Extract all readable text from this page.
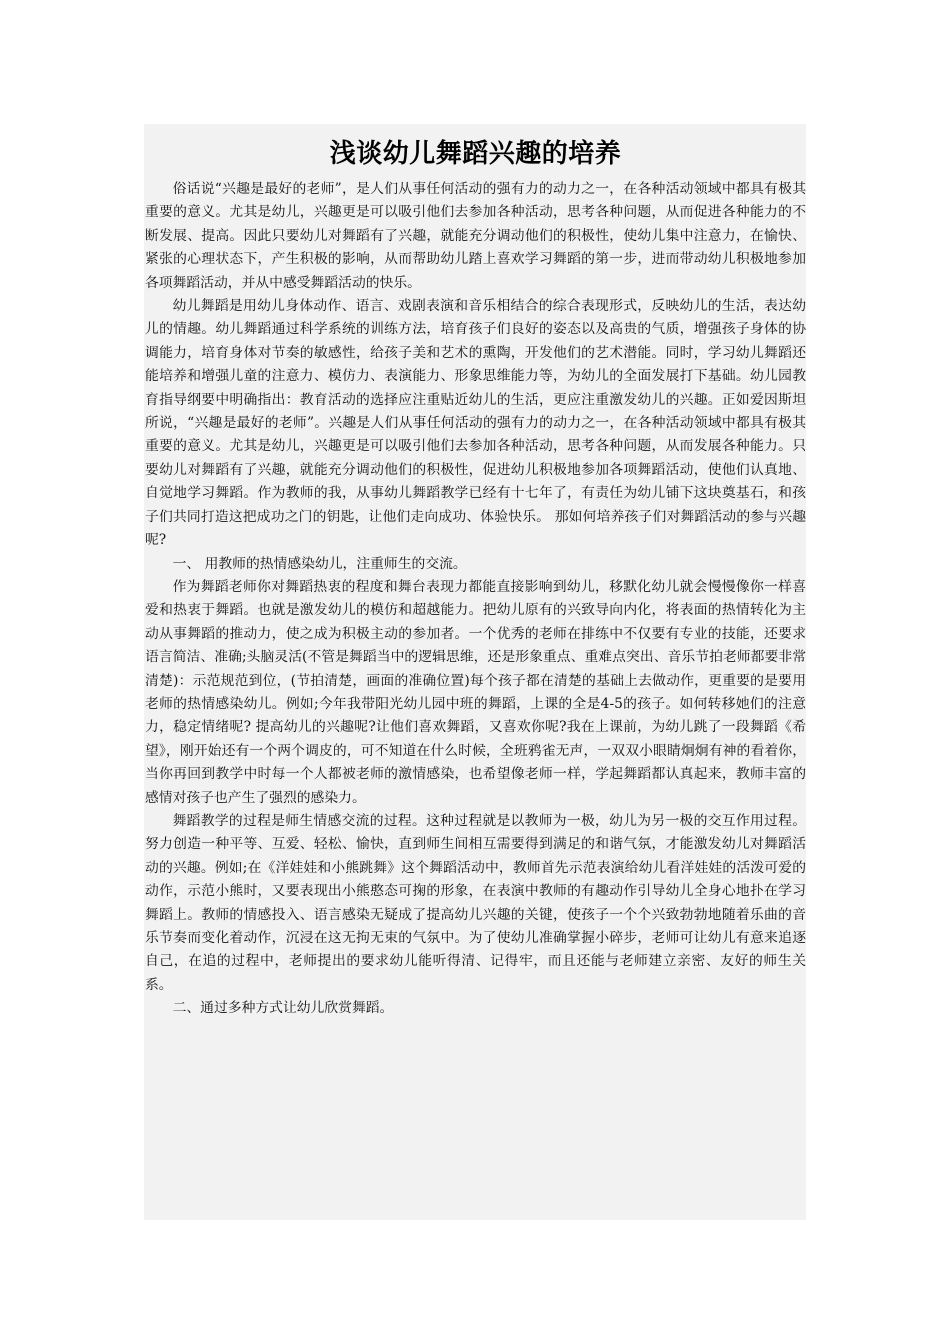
浅谈幼儿舞蹈兴趣的培养

俗话说“兴趣是最好的老师”，是人们从事任何活动的强有力的动力之一，在各种活动领域中都具有极其重要的意义。尤其是幼儿，兴趣更是可以吸引他们去参加各种活动，思考各种问题，从而促进各种能力的不断发展、提高。因此只要幼儿对舞蹈有了兴趣，就能充分调动他们的积极性，使幼儿集中注意力，在愉快、紧张的心理状态下，产生积极的影响，从而帮助幼儿踏上喜欢学习舞蹈的第一步，进而带动幼儿积极地参加各项舞蹈活动，并从中感受舞蹈活动的快乐。

幼儿舞蹈是用幼儿身体动作、语言、戏剧表演和音乐相结合的综合表现形式，反映幼儿的生活，表达幼儿的情趣。幼儿舞蹈通过科学系统的训练方法，培育孩子们良好的姿态以及高贵的气质，增强孩子身体的协调能力，培育身体对节奏的敏感性，给孩子美和艺术的熏陶，开发他们的艺术潜能。同时，学习幼儿舞蹈还能培养和增强儿童的注意力、模仿力、表演能力、形象思维能力等，为幼儿的全面发展打下基础。幼儿园教育指导纲要中明确指出：教育活动的选择应注重贴近幼儿的生活，更应注重激发幼儿的兴趣。正如爱因斯坦所说，“兴趣是最好的老师”。兴趣是人们从事任何活动的强有力的动力之一，在各种活动领域中都具有极其重要的意义。尤其是幼儿，兴趣更是可以吸引他们去参加各种活动，思考各种问题，从而发展各种能力。只要幼儿对舞蹈有了兴趣，就能充分调动他们的积极性，促进幼儿积极地参加各项舞蹈活动，使他们认真地、自觉地学习舞蹈。作为教师的我，从事幼儿舞蹈教学已经有十七年了，有责任为幼儿铺下这块奠基石，和孩子们共同打造这把成功之门的钥匙，让他们走向成功、体验快乐。 那如何培养孩子们对舞蹈活动的参与兴趣呢?

一、 用教师的热情感染幼儿，注重师生的交流。

作为舞蹈老师你对舞蹈热衷的程度和舞台表现力都能直接影响到幼儿，移默化幼儿就会慢慢像你一样喜爱和热衷于舞蹈。也就是激发幼儿的模仿和超越能力。把幼儿原有的兴致导向内化，将表面的热情转化为主动从事舞蹈的推动力，使之成为积极主动的参加者。一个优秀的老师在排练中不仅要有专业的技能，还要求语言简洁、准确;头脑灵活(不管是舞蹈当中的逻辑思维，还是形象重点、重难点突出、音乐节拍老师都要非常清楚)：示范规范到位，(节拍清楚，画面的准确位置)每个孩子都在清楚的基础上去做动作，更重要的是要用老师的热情感染幼儿。例如;今年我带阳光幼儿园中班的舞蹈，上课的全是4-5的孩子。如何转移她们的注意力，稳定情绪呢? 提高幼儿的兴趣呢?让他们喜欢舞蹈，又喜欢你呢?我在上课前，为幼儿跳了一段舞蹈《希望》，刚开始还有一个两个调皮的，可不知道在什么时候，全班鸦雀无声，一双双小眼睛炯炯有神的看着你，当你再回到教学中时每一个人都被老师的激情感染，也希望像老师一样，学起舞蹈都认真起来，教师丰富的感情对孩子也产生了强烈的感染力。

舞蹈教学的过程是师生情感交流的过程。这种过程就是以教师为一极，幼儿为另一极的交互作用过程。努力创造一种平等、互爱、轻松、愉快，直到师生间相互需要得到满足的和谐气氛，才能激发幼儿对舞蹈活动的兴趣。例如;在《洋娃娃和小熊跳舞》这个舞蹈活动中，教师首先示范表演给幼儿看洋娃娃的活泼可爱的动作，示范小熊时，又要表现出小熊憨态可掬的形象，在表演中教师的有趣动作引导幼儿全身心地扑在学习舞蹈上。教师的情感投入、语言感染无疑成了提高幼儿兴趣的关键，使孩子一个个兴致勃勃地随着乐曲的音乐节奏而变化着动作，沉浸在这无拘无束的气氛中。为了使幼儿准确掌握小碎步，老师可让幼儿有意来追逐自己，在追的过程中，老师提出的要求幼儿能听得清、记得牢，而且还能与老师建立亲密、友好的师生关系。

二、通过多种方式让幼儿欣赏舞蹈。
